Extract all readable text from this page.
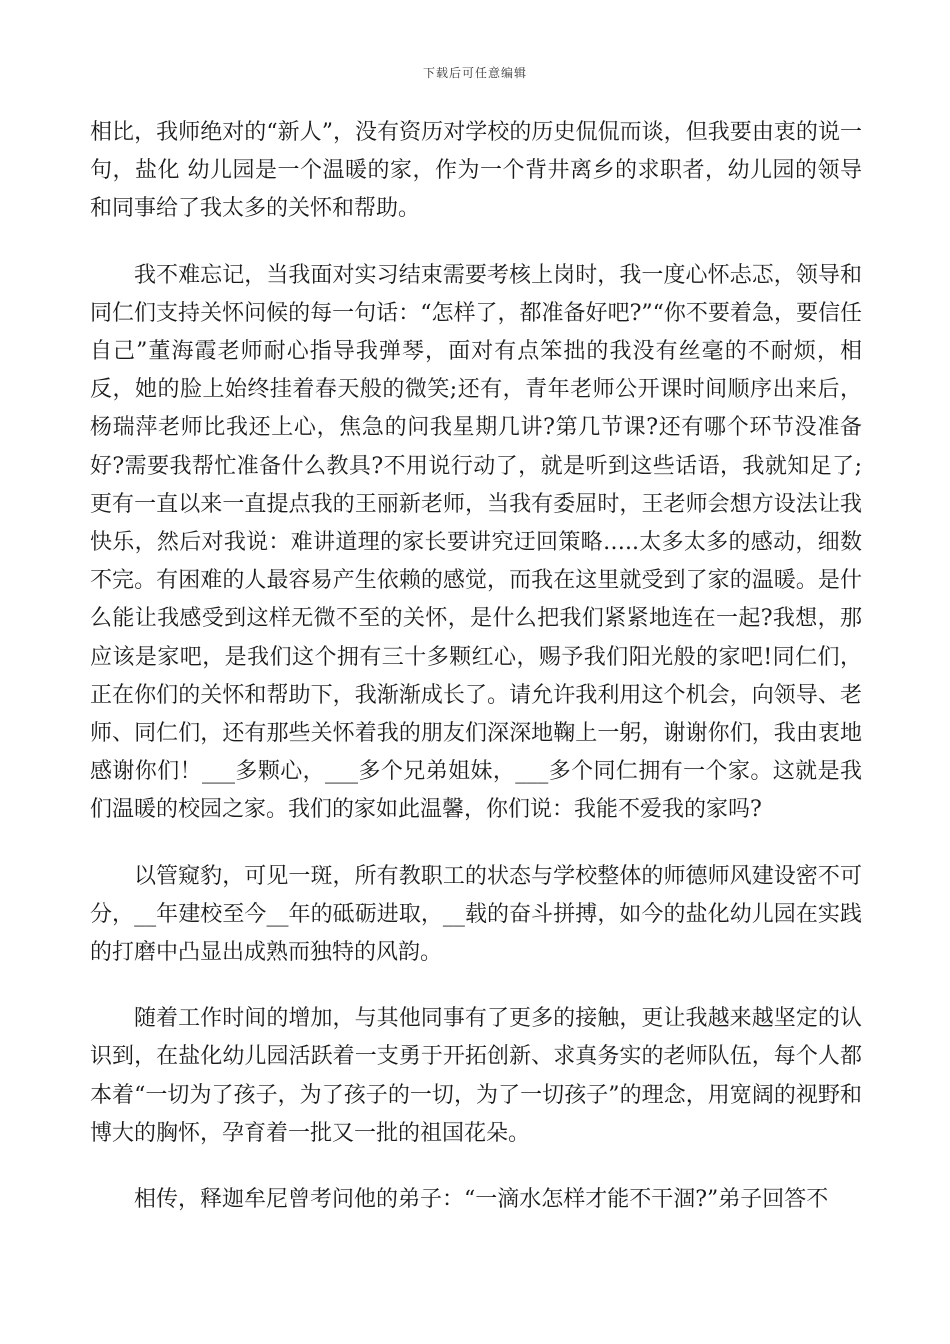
下载后可任意编辑

相比，我师绝对的“新人”，没有资历对学校的历史侃侃而谈，但我要由衷的说一句，盐化 幼儿园是一个温暖的家，作为一个背井离乡的求职者，幼儿园的领导和同事给了我太多的关怀和帮助。

我不难忘记，当我面对实习结束需要考核上岗时，我一度心怀忐忑，领导和同仁们支持关怀问候的每一句话：“怎样了，都准备好吧?”“你不要着急，要信任自己”董海霞老师耐心指导我弹琴，面对有点笨拙的我没有丝毫的不耐烦，相反，她的脸上始终挂着春天般的微笑;还有，青年老师公开课时间顺序出来后，杨瑞萍老师比我还上心，焦急的问我星期几讲?第几节课?还有哪个环节没准备好?需要我帮忙准备什么教具?不用说行动了，就是听到这些话语，我就知足了;更有一直以来一直提点我的王丽新老师，当我有委屈时，王老师会想方设法让我快乐，然后对我说：难讲道理的家长要讲究迂回策略…..太多太多的感动，细数不完。有困难的人最容易产生依赖的感觉，而我在这里就受到了家的温暖。是什么能让我感受到这样无微不至的关怀，是什么把我们紧紧地连在一起?我想，那应该是家吧，是我们这个拥有三十多颗红心，赐予我们阳光般的家吧!同仁们，正在你们的关怀和帮助下，我渐渐成长了。请允许我利用这个机会，向领导、老师、同仁们，还有那些关怀着我的朋友们深深地鞠上一躬，谢谢你们，我由衷地感谢你们！___多颗心，___多个兄弟姐妹，___多个同仁拥有一个家。这就是我们温暖的校园之家。我们的家如此温馨，你们说：我能不爱我的家吗?

以管窥豹，可见一斑，所有教职工的状态与学校整体的师德师风建设密不可分，__年建校至今__年的砥砺进取，__载的奋斗拼搏，如今的盐化幼儿园在实践的打磨中凸显出成熟而独特的风韵。

随着工作时间的增加，与其他同事有了更多的接触，更让我越来越坚定的认识到，在盐化幼儿园活跃着一支勇于开拓创新、求真务实的老师队伍，每个人都本着“一切为了孩子，为了孩子的一切，为了一切孩子”的理念，用宽阔的视野和博大的胸怀，孕育着一批又一批的祖国花朵。

相传，释迦牟尼曾考问他的弟子：“一滴水怎样才能不干涸?”弟子回答不
